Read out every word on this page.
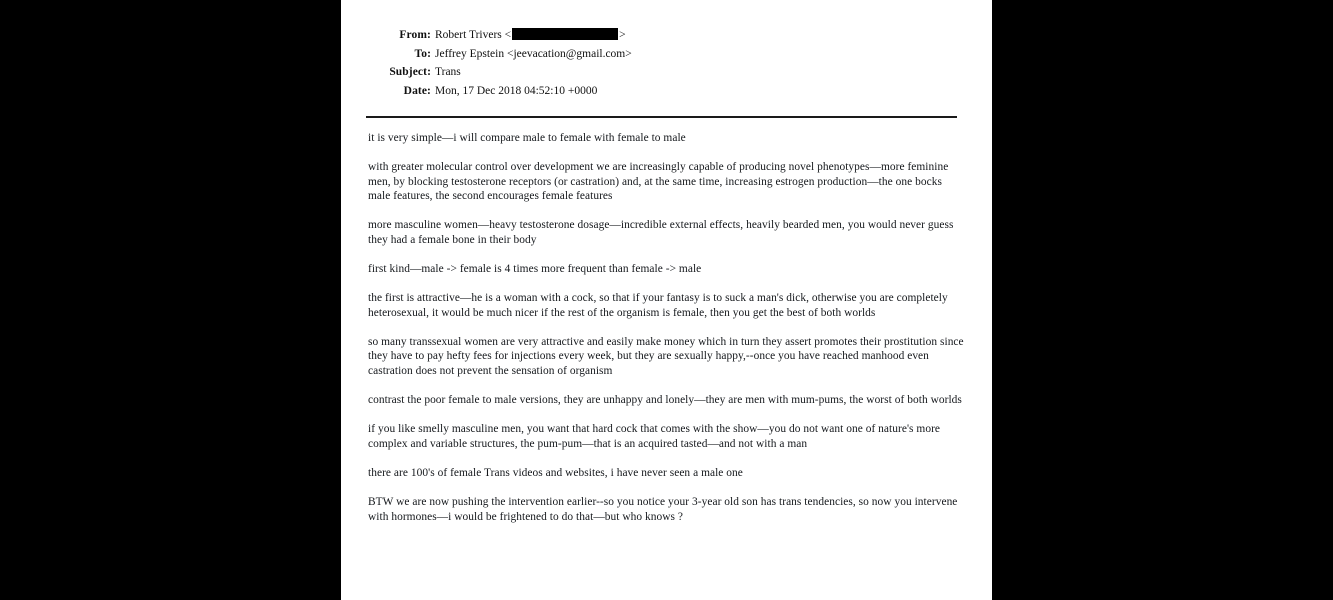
From: Robert Trivers <	>
To: Jeffrey Epstein <jeevacation@gmail.com>
Subject: Trans
Date: Mon, 17 Dec 2018 04:52:10 +0000

it is very simple—i will compare male to female with female to male

with greater molecular control over development we are increasingly capable of producing novel phenotypes—more feminine men, by blocking testosterone receptors (or castration) and, at the same time, increasing estrogen production—the one bocks male features, the second encourages female features

more masculine women—heavy testosterone dosage—incredible external effects, heavily bearded men, you would never guess they had a female bone in their body

first kind—male -> female is 4 times more frequent than female -> male

the first is attractive—he is a woman with a cock, so that if your fantasy is to suck a man's dick, otherwise you are completely heterosexual, it would be much nicer if the rest of the organism is female, then you get the best of both worlds

so many transsexual women are very attractive and easily make money which in turn they assert promotes their prostitution since they have to pay hefty fees for injections every week, but they are sexually happy,--once you have reached manhood even castration does not prevent the sensation of organism

contrast the poor female to male versions, they are unhappy and lonely—they are men with mum-pums, the worst of both worlds

if you like smelly masculine men, you want that hard cock that comes with the show—you do not want one of nature's more complex and variable structures, the pum-pum—that is an acquired tasted—and not with a man

there are 100's of female Trans videos and websites, i have never seen a male one

BTW we are now pushing the intervention earlier--so you notice your 3-year old son has trans tendencies, so now you intervene with hormones—i would be frightened to do that—but who knows ?
